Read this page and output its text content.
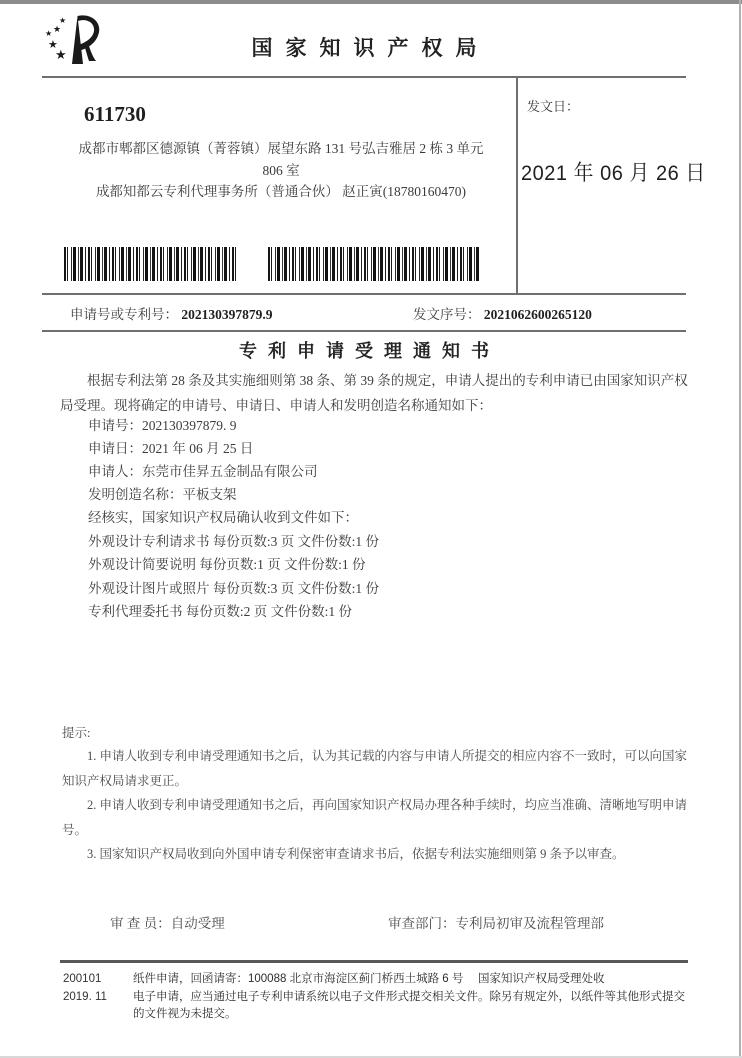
★
★
★ ★
★
国家知识产权局
611730
成都市郫都区德源镇（菁蓉镇）展望东路 131 号弘吉雅居 2 栋 3 单元
806 室
成都知都云专利代理事务所（普通合伙） 赵正寅(18780160470)
发文日：
2021 年 06 月 26 日
申请号或专利号： 202130397879.9	发文序号： 2021062600265120
专利申请受理通知书
根据专利法第 28 条及其实施细则第 38 条、第 39 条的规定，申请人提出的专利申请已由国家知识产权局受理。现将确定的申请号、申请日、申请人和发明创造名称通知如下：
申请号：202130397879. 9
申请日：2021 年 06 月 25 日
申请人：东莞市佳昇五金制品有限公司
发明创造名称：平板支架
经核实，国家知识产权局确认收到文件如下：
外观设计专利请求书 每份页数:3 页 文件份数:1 份
外观设计简要说明 每份页数:1 页 文件份数:1 份
外观设计图片或照片 每份页数:3 页 文件份数:1 份
专利代理委托书 每份页数:2 页 文件份数:1 份
提示:

1. 申请人收到专利申请受理通知书之后，认为其记载的内容与申请人所提交的相应内容不一致时，可以向国家知识产权局请求更正。

2. 申请人收到专利申请受理通知书之后，再向国家知识产权局办理各种手续时，均应当准确、清晰地写明申请号。

3. 国家知识产权局收到向外国申请专利保密审查请求书后，依据专利法实施细则第 9 条予以审查。

审 查 员：自动受理	审查部门：专利局初审及流程管理部
200101	纸件申请，回函请寄：100088 北京市海淀区蓟门桥西土城路 6 号　 国家知识产权局受理处收
2019. 11	电子申请，应当通过电子专利申请系统以电子文件形式提交相关文件。除另有规定外，以纸件等其他形式提交的文件视为未提交。
